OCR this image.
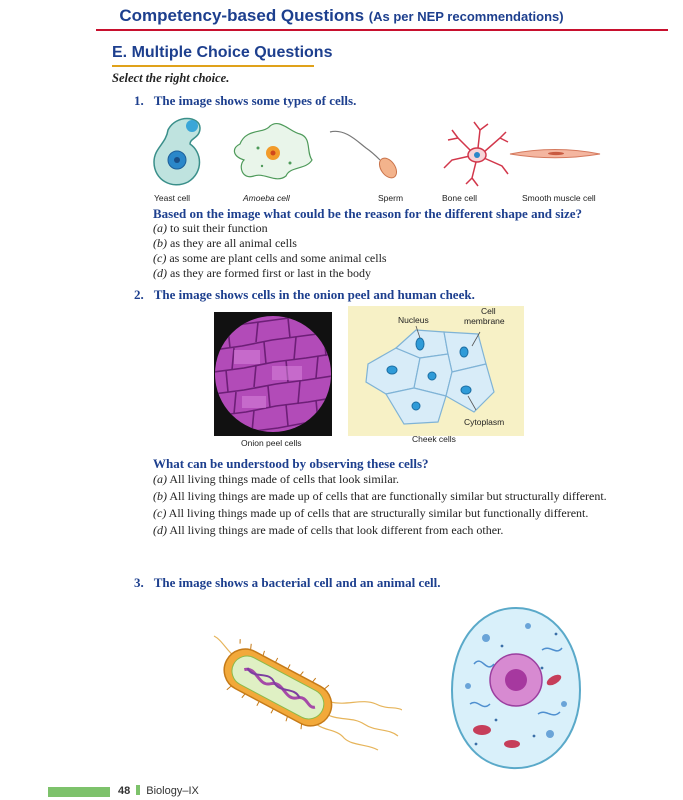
Competency-based Questions (As per NEP recommendations)
E. Multiple Choice Questions
Select the right choice.
1. The image shows some types of cells.
Yeast cell	Amoeba cell	Sperm	Bone cell	Smooth muscle cell
Based on the image what could be the reason for the different shape and size?
(a) to suit their function
(b) as they are all animal cells
(c) as some are plant cells and some animal cells
(d) as they are formed first or last in the body
2. The image shows cells in the onion peel and human cheek.
Nucleus
Cell
membrane
Cytoplasm
Onion peel cells	Cheek cells
What can be understood by observing these cells?
(a) All living things made of cells that look similar.
(b) All living things are made up of cells that are functionally similar but structurally different.
(c) All living things made up of cells that are structurally similar but functionally different.
(d) All living things are made of cells that look different from each other.
3. The image shows a bacterial cell and an animal cell.
48 Biology–IX
